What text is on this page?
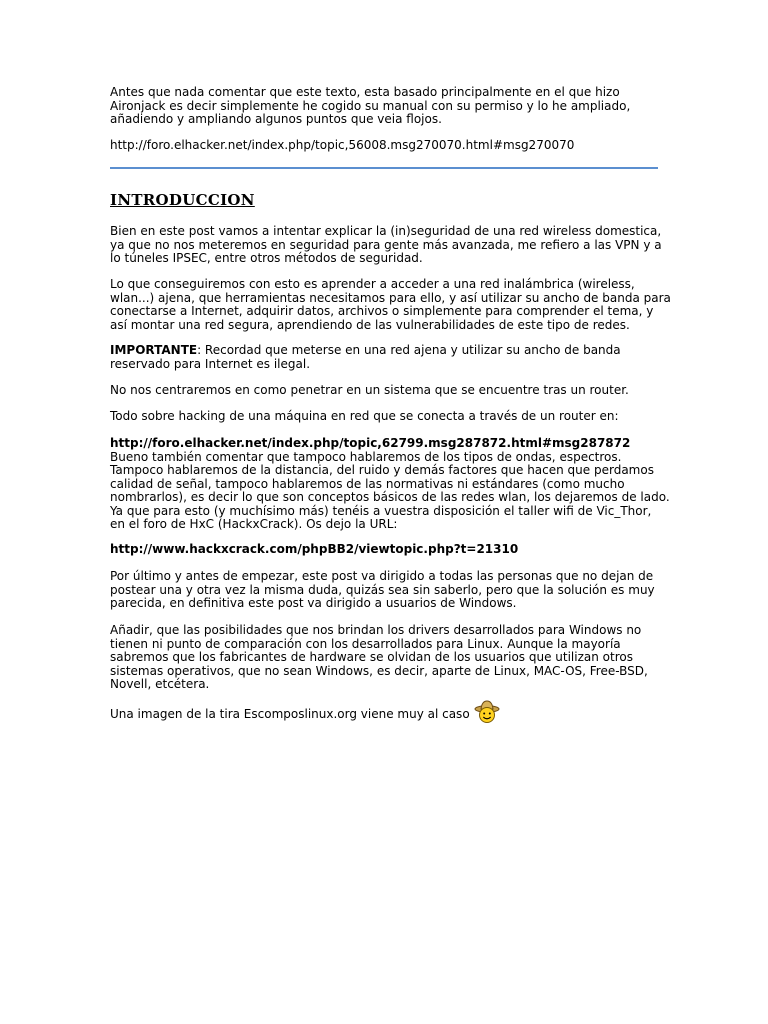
Antes que nada comentar que este texto, esta basado principalmente en el que hizo

Aironjack es decir simplemente he cogido su manual con su permiso y lo he ampliado,

añadiendo y ampliando algunos puntos que veia flojos.

http://foro.elhacker.net/index.php/topic,56008.msg270070.html#msg270070

INTRODUCCION

Bien en este post vamos a intentar explicar la (in)seguridad de una red wireless domestica,

ya que no nos meteremos en seguridad para gente más avanzada, me refiero a las VPN y a

lo túneles IPSEC, entre otros métodos de seguridad.

Lo que conseguiremos con esto es aprender a acceder a una red inalámbrica (wireless,

wlan...) ajena, que herramientas necesitamos para ello, y así utilizar su ancho de banda para

conectarse a Internet, adquirir datos, archivos o simplemente para comprender el tema, y

así montar una red segura, aprendiendo de las vulnerabilidades de este tipo de redes.

IMPORTANTE: Recordad que meterse en una red ajena y utilizar su ancho de banda

reservado para Internet es ilegal.

No nos centraremos en como penetrar en un sistema que se encuentre tras un router.

Todo sobre hacking de una máquina en red que se conecta a través de un router en:

http://foro.elhacker.net/index.php/topic,62799.msg287872.html#msg287872

Bueno también comentar que tampoco hablaremos de los tipos de ondas, espectros.

Tampoco hablaremos de la distancia, del ruido y demás factores que hacen que perdamos

calidad de señal, tampoco hablaremos de las normativas ni estándares (como mucho

nombrarlos), es decir lo que son conceptos básicos de las redes wlan, los dejaremos de lado.

Ya que para esto (y muchísimo más) tenéis a vuestra disposición el taller wifi de Vic_Thor,

en el foro de HxC (HackxCrack). Os dejo la URL:

http://www.hackxcrack.com/phpBB2/viewtopic.php?t=21310

Por último y antes de empezar, este post va dirigido a todas las personas que no dejan de

postear una y otra vez la misma duda, quizás sea sin saberlo, pero que la solución es muy

parecida, en definitiva este post va dirigido a usuarios de Windows.

Añadir, que las posibilidades que nos brindan los drivers desarrollados para Windows no

tienen ni punto de comparación con los desarrollados para Linux. Aunque la mayoría

sabremos que los fabricantes de hardware se olvidan de los usuarios que utilizan otros

sistemas operativos, que no sean Windows, es decir, aparte de Linux, MAC-OS, Free-BSD,

Novell, etcétera.

Una imagen de la tira Escomposlinux.org viene muy al caso
